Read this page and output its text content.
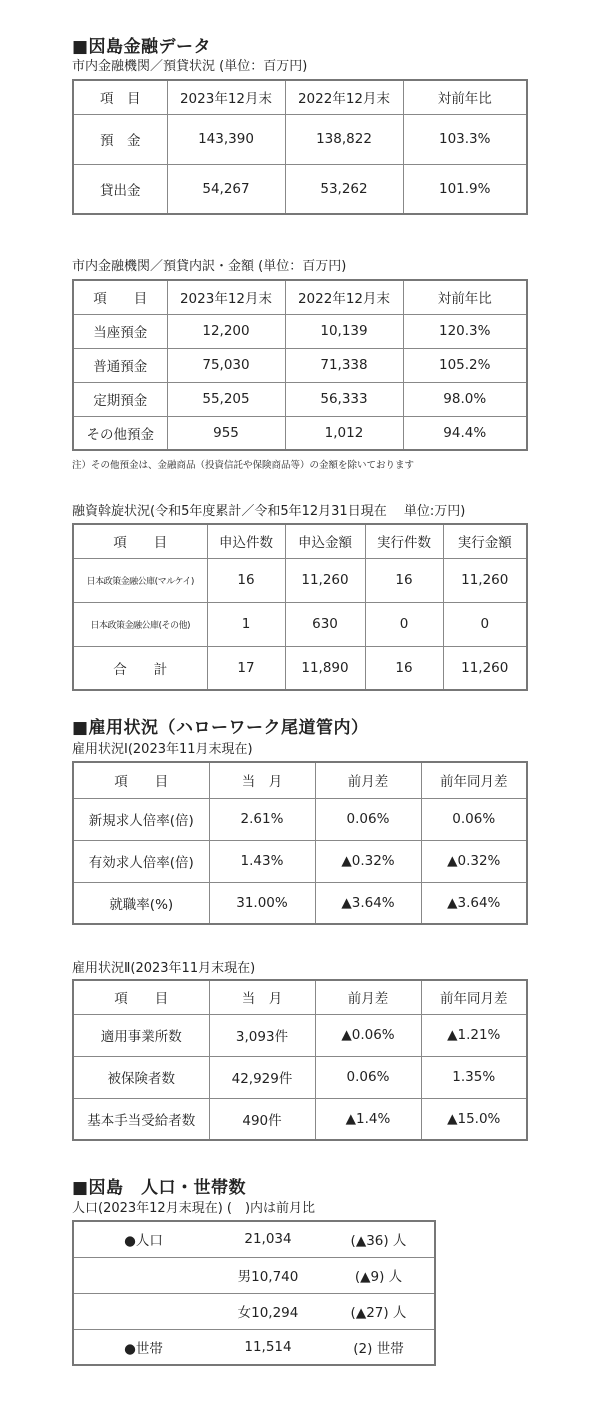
■因島金融データ
市内金融機関／預貸状況 (単位：百万円)
項　目	2023年12月末	2022年12月末	対前年比
預　金	143,390	138,822	103.3%
貸出金	54,267	53,262	101.9%
市内金融機関／預貸内訳・金額 (単位：百万円)
項　　目	2023年12月末	2022年12月末	対前年比
当座預金	12,200	10,139	120.3%
普通預金	75,030	71,338	105.2%
定期預金	55,205	56,333	98.0%
その他預金	955	1,012	94.4%
注）その他預金は、金融商品（投資信託や保険商品等）の金額を除いております
融資斡旋状況(令和5年度累計／令和5年12月31日現在　 単位:万円)
項　　目	申込件数	申込金額	実行件数	実行金額
日本政策金融公庫(マルケイ)	16	11,260	16	11,260
日本政策金融公庫(その他)	1	630	0	0
合　　計	17	11,890	16	11,260
■雇用状況（ハローワーク尾道管内）
雇用状況Ⅰ(2023年11月末現在)
項　　目	当　月	前月差	前年同月差
新規求人倍率(倍)	2.61%	0.06%	0.06%
有効求人倍率(倍)	1.43%	▲0.32%	▲0.32%
就職率(%)	31.00%	▲3.64%	▲3.64%
雇用状況Ⅱ(2023年11月末現在)
項　　目	当　月	前月差	前年同月差
適用事業所数	3,093件	▲0.06%	▲1.21%
被保険者数	42,929件	0.06%	1.35%
基本手当受給者数	490件	▲1.4%	▲15.0%
■因島　人口・世帯数
人口(2023年12月末現在) (　)内は前月比
●人口	21,034	(▲36) 人
	男10,740	(▲9) 人
	女10,294	(▲27) 人
●世帯	11,514	(2) 世帯
